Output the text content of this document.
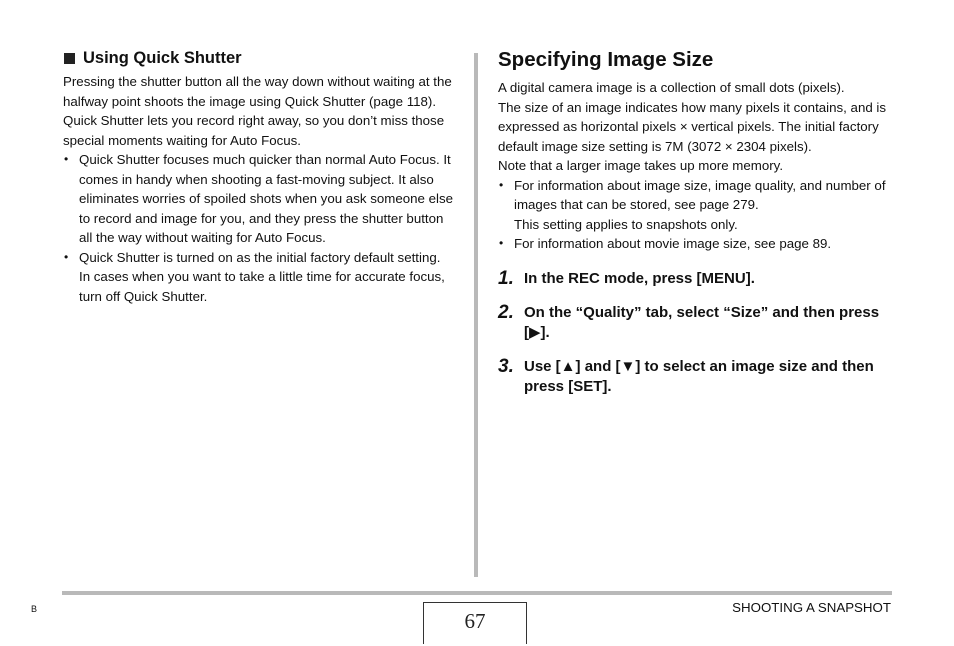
Using Quick Shutter

Pressing the shutter button all the way down without waiting at the halfway point shoots the image using Quick Shutter (page 118). Quick Shutter lets you record right away, so you don’t miss those special moments waiting for Auto Focus.

• Quick Shutter focuses much quicker than normal Auto Focus. It comes in handy when shooting a fast-moving subject. It also eliminates worries of spoiled shots when you ask someone else to record and image for you, and they press the shutter button all the way without waiting for Auto Focus.
• Quick Shutter is turned on as the initial factory default setting. In cases when you want to take a little time for accurate focus, turn off Quick Shutter.
Specifying Image Size

A digital camera image is a collection of small dots (pixels).

The size of an image indicates how many pixels it contains, and is expressed as horizontal pixels × vertical pixels. The initial factory default image size setting is 7M (3072 × 2304 pixels).

Note that a larger image takes up more memory.

• For information about image size, image quality, and number of images that can be stored, see page 279.
This setting applies to snapshots only.
• For information about movie image size, see page 89.
1. In the REC mode, press [MENU].
2. On the “Quality” tab, select “Size” and then press [▶].
3. Use [▲] and [▼] to select an image size and then press [SET].
67
B	SHOOTING A SNAPSHOT
